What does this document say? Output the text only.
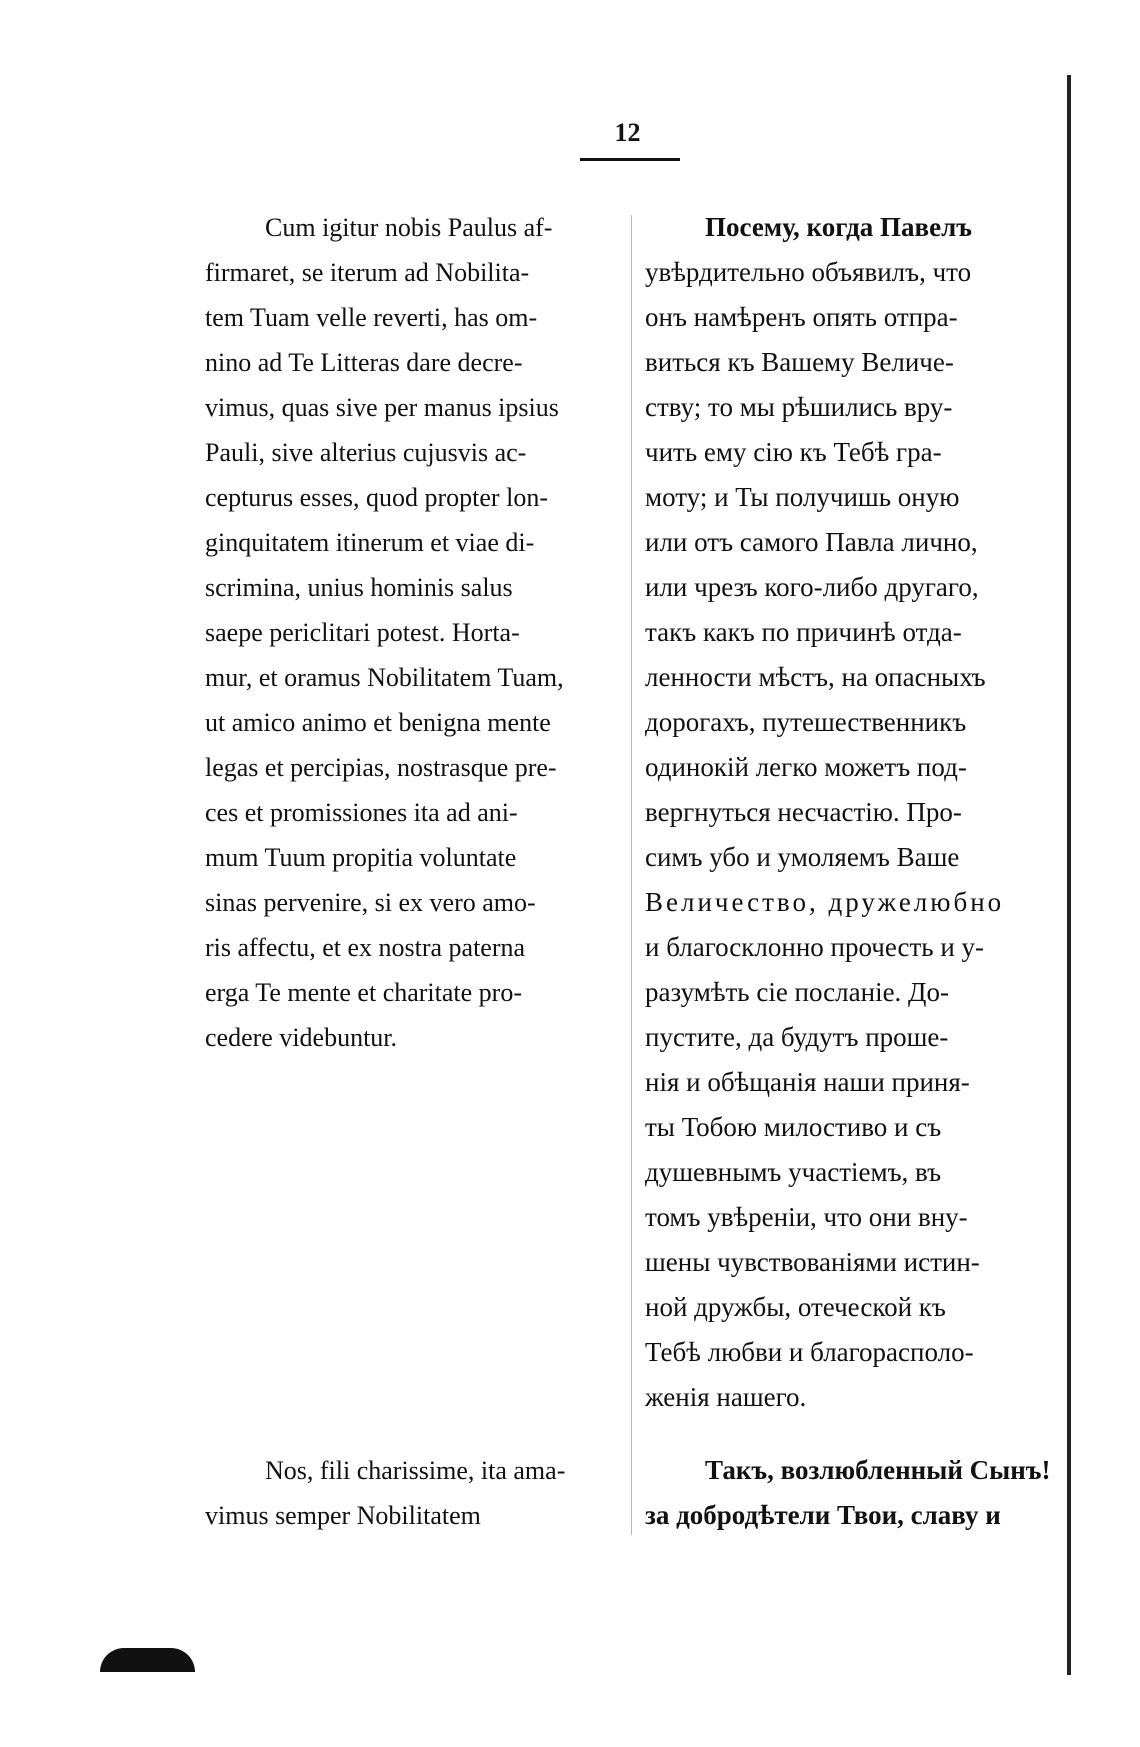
12
Cum igitur nobis Paulus af-
firmaret, se iterum ad Nobilita-
tem Tuam velle reverti, has om-
nino ad Te Litteras dare decre-
vimus, quas sive per manus ipsius
Pauli, sive alterius cujusvis ac-
cepturus esses, quod propter lon-
ginquitatem itinerum et viae di-
scrimina, unius hominis salus
saepe periclitari potest. Horta-
mur, et oramus Nobilitatem Tuam,
ut amico animo et benigna mente
legas et percipias, nostrasque pre-
ces et promissiones ita ad ani-
mum Tuum propitia voluntate
sinas pervenire, si ex vero amo-
ris affectu, et ex nostra paterna
erga Te mente et charitate pro-
cedere videbuntur.
Посему, когда Павелъ
увѣрдительно объявилъ, что
онъ намѣренъ опять отпра-
виться къ Вашему Величе-
ству; то мы рѣшились вру-
чить ему сію къ Тебѣ гра-
моту; и Ты получишь оную
или отъ самого Павла лично,
или чрезъ кого-либо другаго,
такъ какъ по причинѣ отда-
ленности мѣстъ, на опасныхъ
дорогахъ, путешественникъ
одинокій легко можетъ под-
вергнуться несчастію. Про-
симъ убо и умоляемъ Ваше
Величество, дружелюбно
и благосклонно прочесть и у-
разумѣть сіе посланіе. До-
пустите, да будутъ проше-
нія и обѣщанія наши приня-
ты Тобою милостиво и съ
душевнымъ участіемъ, въ
томъ увѣреніи, что они вну-
шены чувствованіями истин-
ной дружбы, отеческой къ
Тебѣ любви и благорасполо-
женія нашего.
Nos, fili charissime, ita ama-
vimus semper Nobilitatem
Такъ, возлюбленный Сынъ!
за добродѣтели Твои, славу и
